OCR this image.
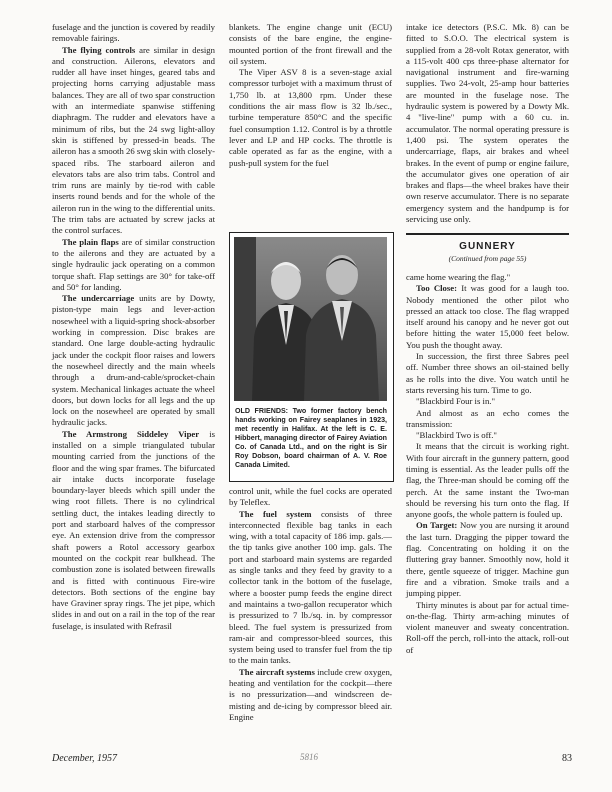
fuselage and the junction is covered by readily removable fairings.

The flying controls are similar in design and construction. Ailerons, elevators and rudder all have inset hinges, geared tabs and projecting horns carrying adjustable mass balances. They are all of two spar construction with an intermediate spanwise stiffening diaphragm. The rudder and elevators have a minimum of ribs, but the 24 swg light-alloy skin is stiffened by pressed-in beads. The aileron has a smooth 26 swg skin with closely-spaced ribs. The starboard aileron and elevators tabs are also trim tabs. Control and trim runs are mainly by tie-rod with cable inserts round bends and for the whole of the aileron run in the wing to the differential units. The trim tabs are actuated by screw jacks at the control surfaces.

The plain flaps are of similar construction to the ailerons and they are actuated by a single hydraulic jack operating on a common torque shaft. Flap settings are 30° for take-off and 50° for landing.

The undercarriage units are by Dowty, piston-type main legs and lever-action nosewheel with a liquid-spring shock-absorber working in compression. Disc brakes are standard. One large double-acting hydraulic jack under the cockpit floor raises and lowers the nosewheel directly and the main wheels through a drum-and-cable/sprocket-chain system. Mechanical linkages actuate the wheel doors, but down locks for all legs and the up lock on the nosewheel are operated by small hydraulic jacks.

The Armstrong Siddeley Viper is installed on a simple triangulated tubular mounting carried from the junctions of the floor and the wing spar frames. The bifurcated air intake ducts incorporate fuselage boundary-layer bleeds which spill under the wing root fillets. There is no cylindrical settling duct, the intakes leading directly to port and starboard halves of the compressor eye. An extension drive from the compressor shaft powers a Rotol accessory gearbox mounted on the cockpit rear bulkhead. The combustion zone is isolated between firewalls and is fitted with continuous Fire-wire detectors. Both sections of the engine bay have Graviner spray rings. The jet pipe, which slides in and out on a rail in the top of the rear fuselage, is insulated with Refrasil

blankets. The engine change unit (ECU) consists of the bare engine, the engine-mounted portion of the front firewall and the oil system.

The Viper ASV 8 is a seven-stage axial compressor turbojet with a maximum thrust of 1,750 lb. at 13,800 rpm. Under these conditions the air mass flow is 32 lb./sec., turbine temperature 850°C and the specific fuel consumption 1.12. Control is by a throttle lever and LP and HP cocks. The throttle is cable operated as far as the engine, with a push-pull system for the fuel

OLD FRIENDS: Two former factory bench hands working on Fairey seaplanes in 1923, met recently in Halifax. At the left is C. E. Hibbert, managing director of Fairey Aviation Co. of Canada Ltd., and on the right is Sir Roy Dobson, board chairman of A. V. Roe Canada Limited.

control unit, while the fuel cocks are operated by Teleflex.

The fuel system consists of three interconnected flexible bag tanks in each wing, with a total capacity of 186 imp. gals.—the tip tanks give another 100 imp. gals. The port and starboard main systems are regarded as single tanks and they feed by gravity to a collector tank in the bottom of the fuselage, where a booster pump feeds the engine direct and maintains a two-gallon recuperator which is pressurized to 7 lb./sq. in. by compressor bleed. The fuel system is pressurized from ram-air and compressor-bleed sources, this system being used to transfer fuel from the tip to the main tanks.

The aircraft systems include crew oxygen, heating and ventilation for the cockpit—there is no pressurization—and windscreen de-misting and de-icing by compressor bleed air. Engine

intake ice detectors (P.S.C. Mk. 8) can be fitted to S.O.O. The electrical system is supplied from a 28-volt Rotax generator, with a 115-volt 400 cps three-phase alternator for navigational instrument and fire-warning supplies. Two 24-volt, 25-amp hour batteries are mounted in the fuselage nose. The hydraulic system is powered by a Dowty Mk. 4 "live-line" pump with a 60 cu. in. accumulator. The normal operating pressure is 1,400 psi. The system operates the undercarriage, flaps, air brakes and wheel brakes. In the event of pump or engine failure, the accumulator gives one operation of air brakes and flaps—the wheel brakes have their own reserve accumulator. There is no separate emergency system and the handpump is for servicing use only.

GUNNERY
(Continued from page 55)

came home wearing the flag."

Too Close: It was good for a laugh too. Nobody mentioned the other pilot who pressed an attack too close. The flag wrapped itself around his canopy and he never got out before hitting the water 15,000 feet below. You push the thought away.

In succession, the first three Sabres peel off. Number three shows an oil-stained belly as he rolls into the dive. You watch until he starts reversing his turn. Time to go.

"Blackbird Four is in."

And almost as an echo comes the transmission:

"Blackbird Two is off."

It means that the circuit is working right. With four aircraft in the gunnery pattern, good timing is essential. As the leader pulls off the flag, the Three-man should be coming off the perch. At the same instant the Two-man should be reversing his turn onto the flag. If anyone goofs, the whole pattern is fouled up.

On Target: Now you are nursing it around the last turn. Dragging the pipper toward the flag. Concentrating on holding it on the fluttering gray banner. Smoothly now, hold it there, gentle squeeze of trigger. Machine gun fire and a vibration. Smoke trails and a jumping pipper.

Thirty minutes is about par for actual time-on-the-flag. Thirty arm-aching minutes of violent maneuver and sweaty concentration. Roll-off the perch, roll-into the attack, roll-out of

December, 1957	5816	83
